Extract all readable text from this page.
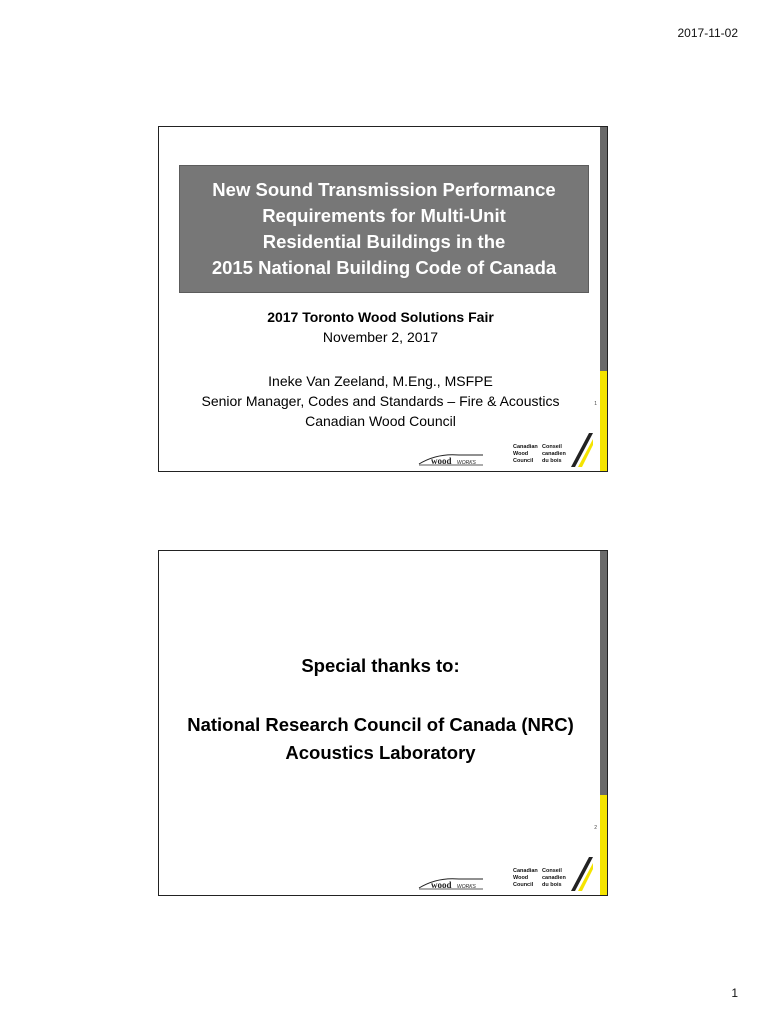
2017-11-02
New Sound Transmission Performance
Requirements for Multi-Unit
Residential Buildings in the
2015 National Building Code of Canada
2017 Toronto Wood Solutions Fair
November 2, 2017
Ineke Van Zeeland, M.Eng., MSFPE
Senior Manager, Codes and Standards – Fire & Acoustics
Canadian Wood Council
1
wood WORKS
Canadian
Wood
Council
Conseil
canadien
du bois
Special thanks to:
National Research Council of Canada (NRC)
Acoustics Laboratory
2
wood WORKS
Canadian
Wood
Council
Conseil
canadien
du bois
1
